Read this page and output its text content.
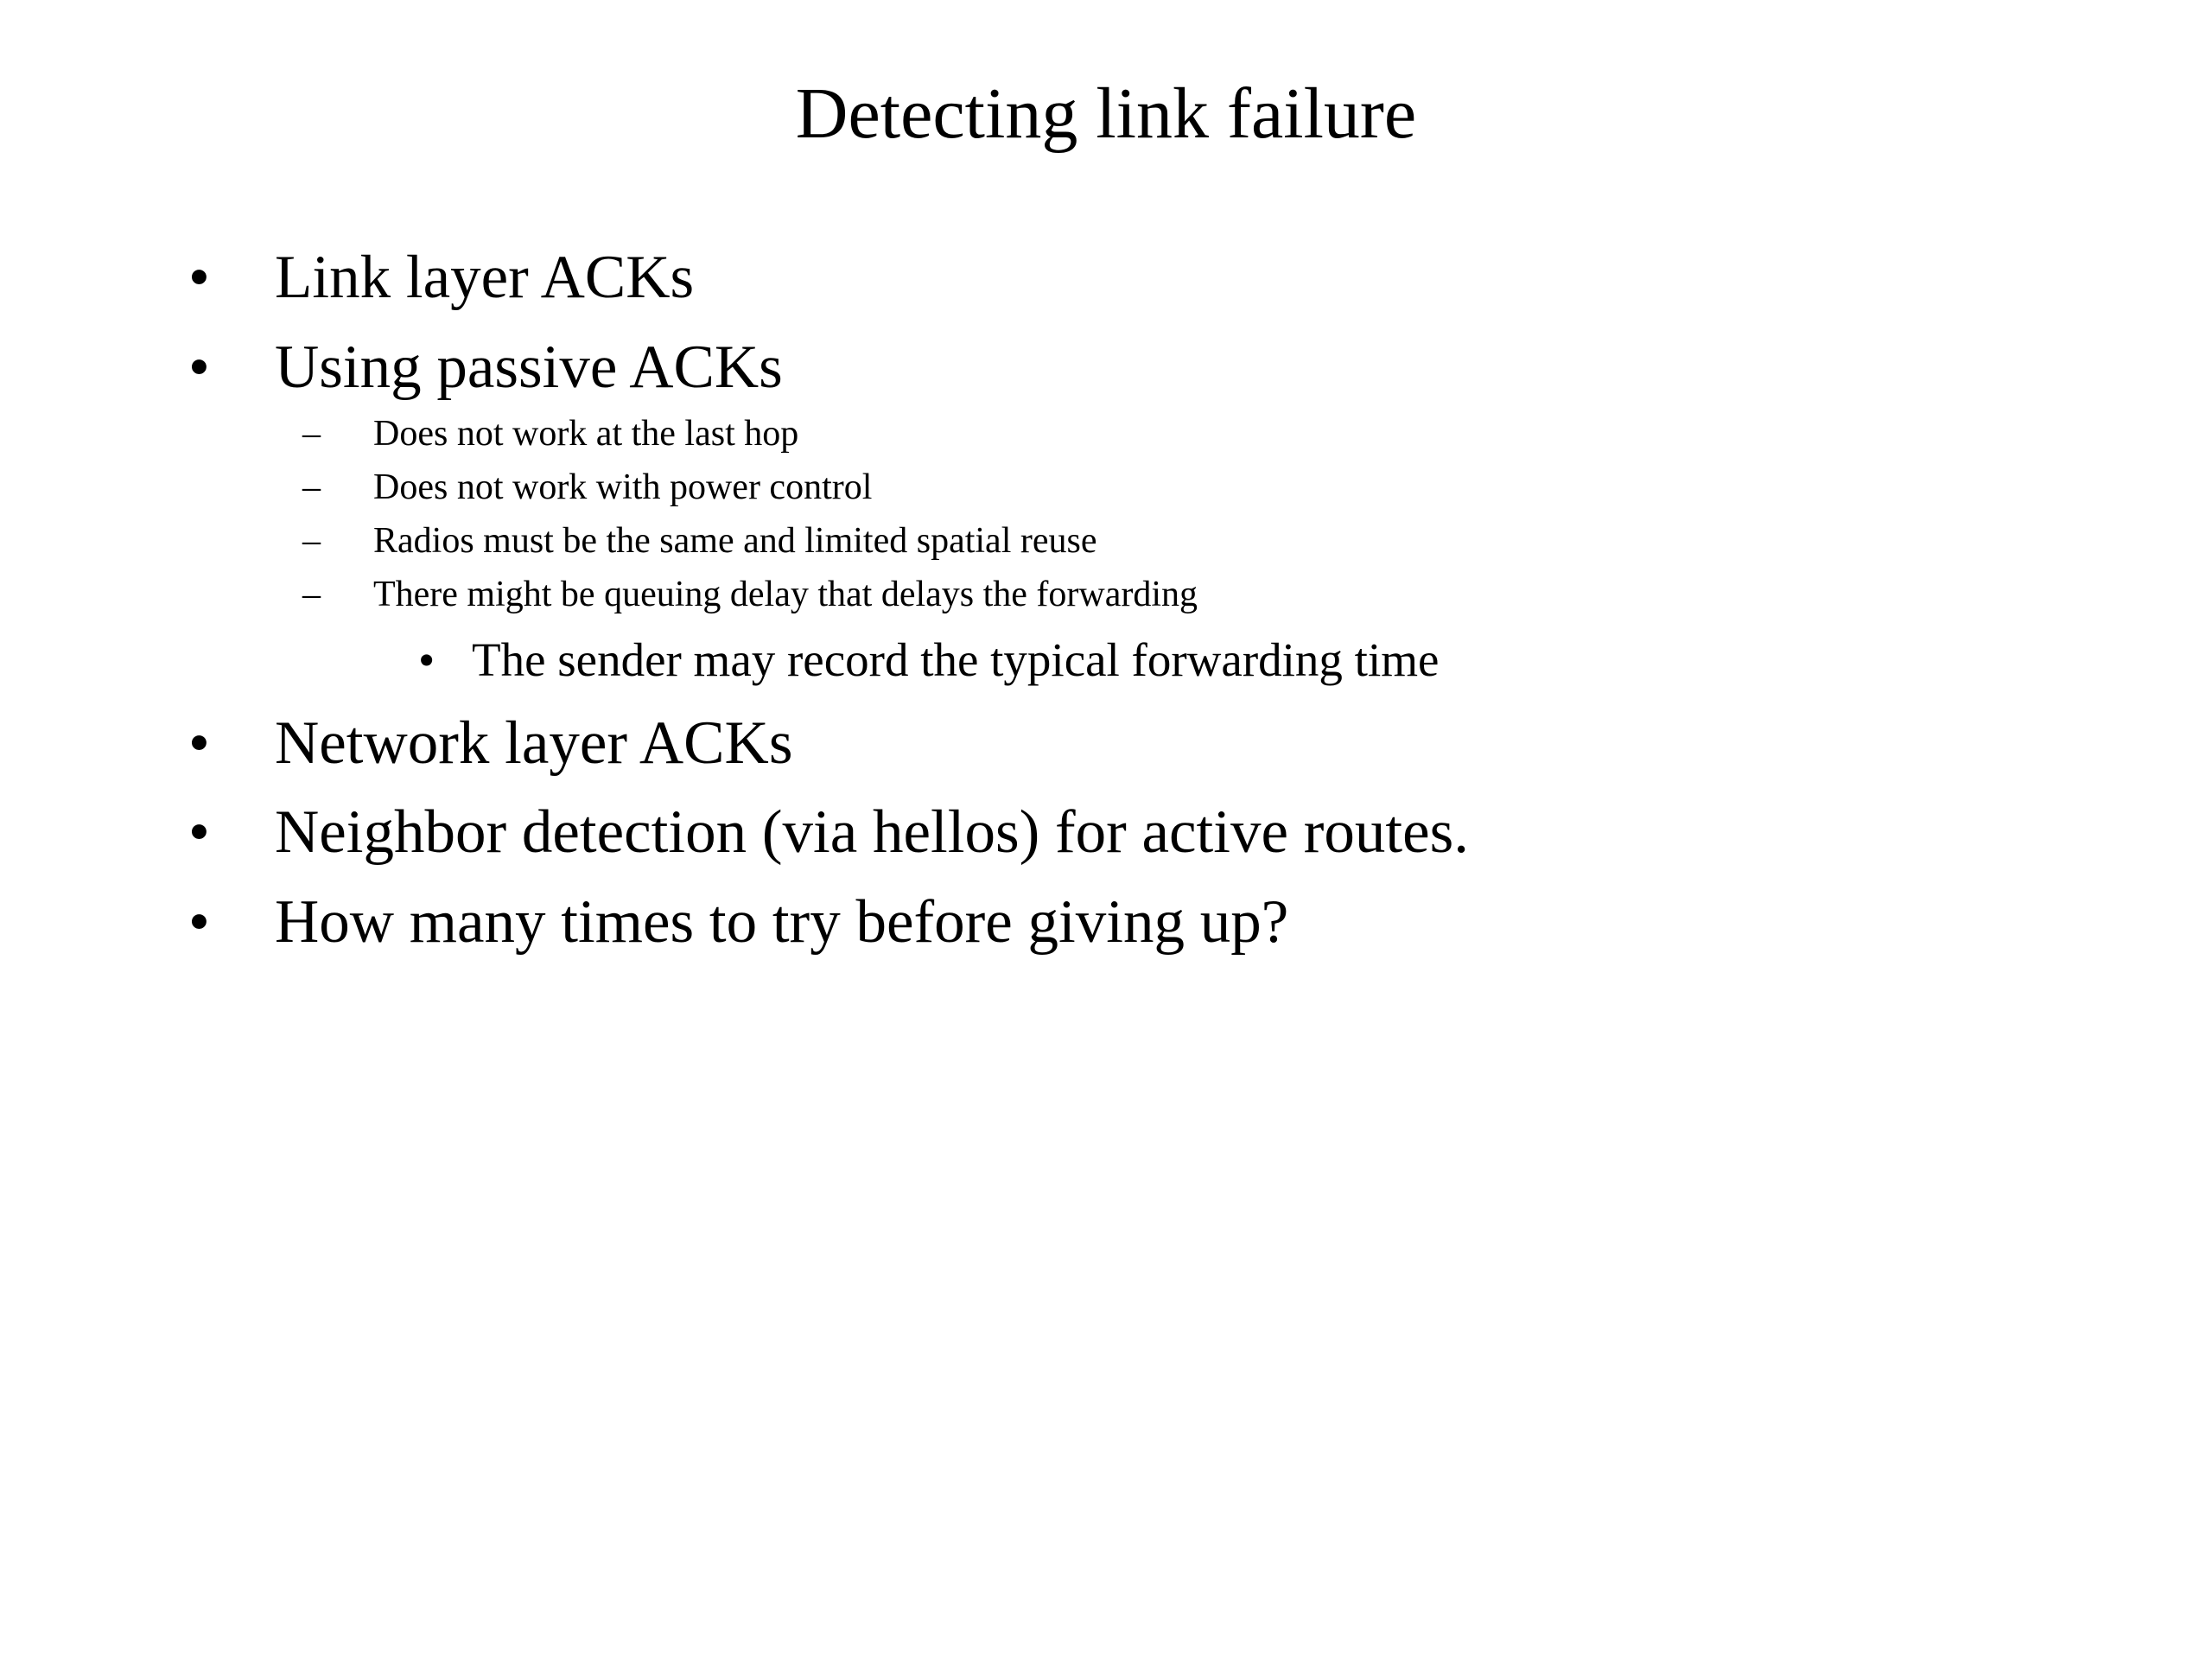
Detecting link failure
• Link layer ACKs
• Using passive ACKs
– Does not work at the last hop
– Does not work with power control
– Radios must be the same and limited spatial reuse
– There might be queuing delay that delays the forwarding
• The sender may record the typical forwarding time
• Network layer ACKs
• Neighbor detection (via hellos) for active routes.
• How many times to try before giving up?
